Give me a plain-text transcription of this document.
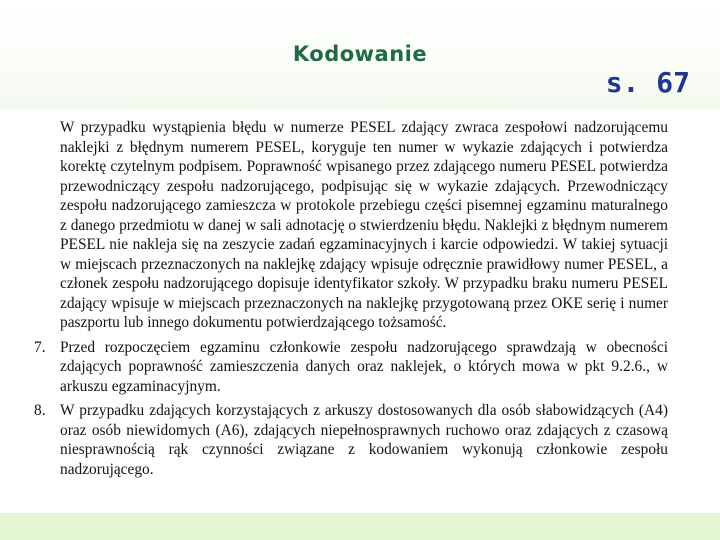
Kodowanie
s. 67
W przypadku wystąpienia błędu w numerze PESEL zdający zwraca zespołowi nadzorującemu naklejki z błędnym numerem PESEL, koryguje ten numer w wykazie zdających i potwierdza korektę czytelnym podpisem. Poprawność wpisanego przez zdającego numeru PESEL potwierdza przewodniczący zespołu nadzorującego, podpisując się w wykazie zdających. Przewodniczący zespołu nadzorującego zamieszcza w protokole przebiegu części pisemnej egzaminu maturalnego z danego przedmiotu w danej w sali adnotację o stwierdzeniu błędu. Naklejki z błędnym numerem PESEL nie nakleja się na zeszycie zadań egzaminacyjnych i karcie odpowiedzi. W takiej sytuacji w miejscach przeznaczonych na naklejkę zdający wpisuje odręcznie prawidłowy numer PESEL, a członek zespołu nadzorującego dopisuje identyfikator szkoły. W przypadku braku numeru PESEL zdający wpisuje w miejscach przeznaczonych na naklejkę przygotowaną przez OKE serię i numer paszportu lub innego dokumentu potwierdzającego tożsamość.
7. Przed rozpoczęciem egzaminu członkowie zespołu nadzorującego sprawdzają w obecności zdających poprawność zamieszczenia danych oraz naklejek, o których mowa w pkt 9.2.6., w arkuszu egzaminacyjnym.
8. W przypadku zdających korzystających z arkuszy dostosowanych dla osób słabowidzących (A4) oraz osób niewidomych (A6), zdających niepełnosprawnych ruchowo oraz zdających z czasową niesprawnością rąk czynności związane z kodowaniem wykonują członkowie zespołu nadzorującego.
